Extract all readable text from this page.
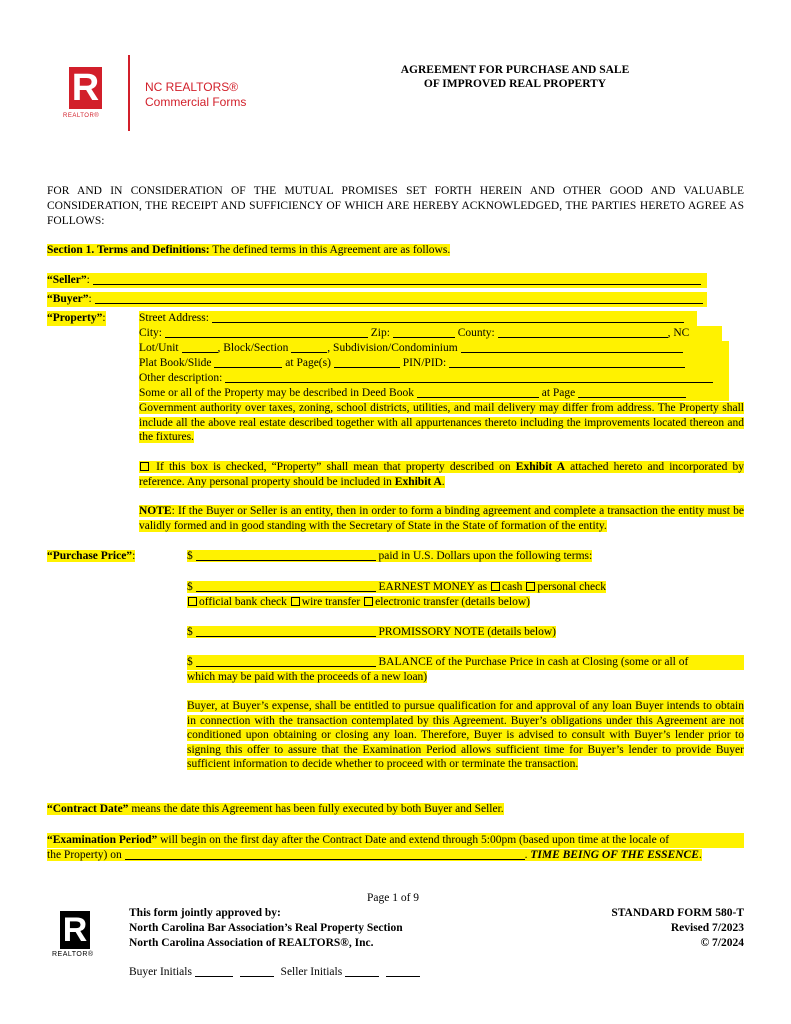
R
REALTOR®
NC REALTORS®
Commercial Forms
AGREEMENT FOR PURCHASE AND SALE
OF IMPROVED REAL PROPERTY
FOR AND IN CONSIDERATION OF THE MUTUAL PROMISES SET FORTH HEREIN AND OTHER GOOD AND VALUABLE CONSIDERATION, THE RECEIPT AND SUFFICIENCY OF WHICH ARE HEREBY ACKNOWLEDGED, THE PARTIES HERETO AGREE AS FOLLOWS:
Section 1. Terms and Definitions: The defined terms in this Agreement are as follows.
“Seller”:
“Buyer”:
“Property”:	Street Address:
City:	Zip:	County:	, NC
Lot/Unit	, Block/Section	, Subdivision/Condominium
Plat Book/Slide	at Page(s)	PIN/PID:
Other description:
Some or all of the Property may be described in Deed Book	at Page
Government authority over taxes, zoning, school districts, utilities, and mail delivery may differ from address. The Property shall include all the above real estate described together with all appurtenances thereto including the improvements located thereon and the fixtures.
If this box is checked, “Property” shall mean that property described on Exhibit A attached hereto and incorporated by reference. Any personal property should be included in Exhibit A.
NOTE: If the Buyer or Seller is an entity, then in order to form a binding agreement and complete a transaction the entity must be validly formed and in good standing with the Secretary of State in the State of formation of the entity.
“Purchase Price”:	$	paid in U.S. Dollars upon the following terms:
$	EARNEST MONEY as cash personal check
official bank check wire transfer electronic transfer (details below)
$	PROMISSORY NOTE (details below)
$	BALANCE of the Purchase Price in cash at Closing (some or all of
which may be paid with the proceeds of a new loan)
Buyer, at Buyer’s expense, shall be entitled to pursue qualification for and approval of any loan Buyer intends to obtain in connection with the transaction contemplated by this Agreement. Buyer’s obligations under this Agreement are not conditioned upon obtaining or closing any loan. Therefore, Buyer is advised to consult with Buyer’s lender prior to signing this offer to assure that the Examination Period allows sufficient time for Buyer’s lender to provide Buyer sufficient information to decide whether to proceed with or terminate the transaction.
“Contract Date” means the date this Agreement has been fully executed by both Buyer and Seller.
“Examination Period” will begin on the first day after the Contract Date and extend through 5:00pm (based upon time at the locale of
the Property) on	. TIME BEING OF THE ESSENCE.
Page 1 of 9
R
REALTOR®
This form jointly approved by:
North Carolina Bar Association’s Real Property Section
North Carolina Association of REALTORS®, Inc.
STANDARD FORM 580-T
Revised 7/2023
© 7/2024
Buyer Initials	Seller Initials
